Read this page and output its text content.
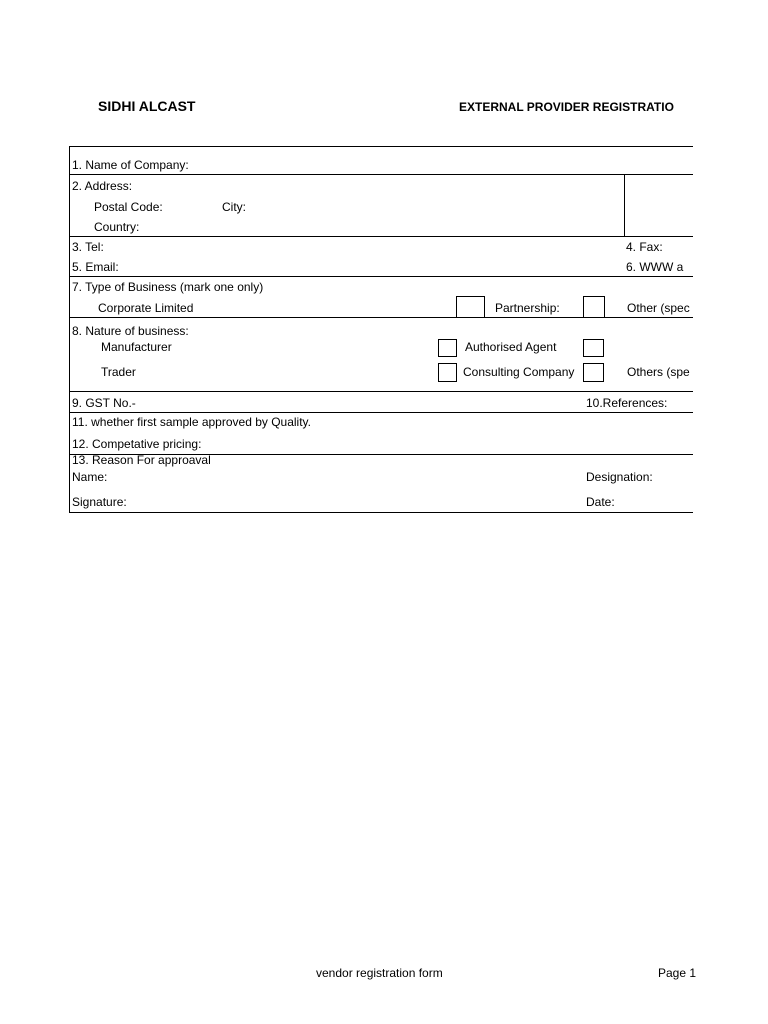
SIDHI ALCAST	EXTERNAL PROVIDER REGISTRATIO
1. Name of Company:
2. Address:
Postal Code:	City:
Country:
3. Tel:	4. Fax:
5. Email:	6. WWW a
7. Type of Business (mark one only)
Corporate Limited	Partnership:	Other (spec
8. Nature of business:
Manufacturer	Authorised Agent
Trader	Consulting Company	Others (spe
9. GST No.-	10.References:
11. whether first sample approved by Quality.
12. Competative pricing:
13. Reason For approaval
Name:	Designation:
Signature:	Date:
vendor registration form	Page 1
